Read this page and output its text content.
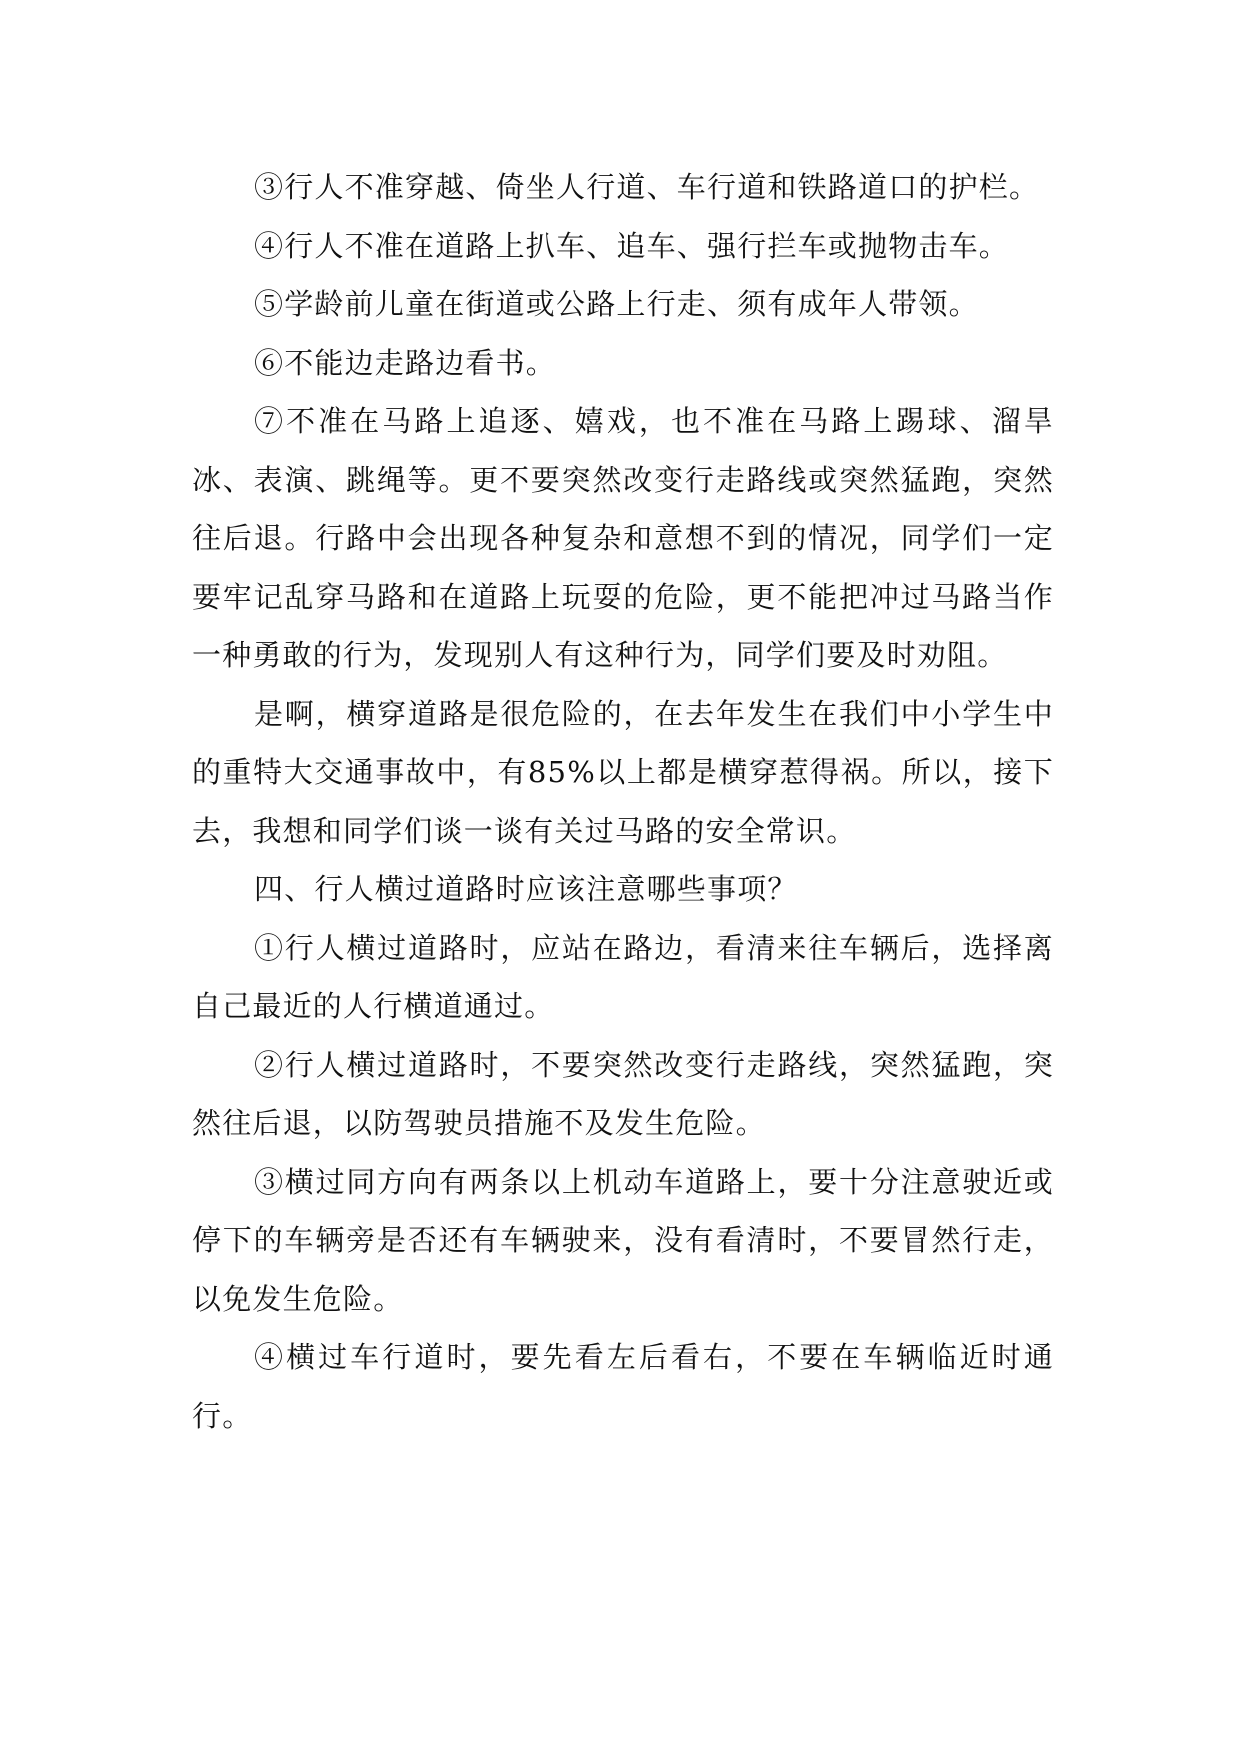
③行人不准穿越、倚坐人行道、车行道和铁路道口的护栏。

④行人不准在道路上扒车、追车、强行拦车或抛物击车。

⑤学龄前儿童在街道或公路上行走、须有成年人带领。

⑥不能边走路边看书。

⑦不准在马路上追逐、嬉戏，也不准在马路上踢球、溜旱冰、表演、跳绳等。更不要突然改变行走路线或突然猛跑，突然往后退。行路中会出现各种复杂和意想不到的情况，同学们一定要牢记乱穿马路和在道路上玩耍的危险，更不能把冲过马路当作一种勇敢的行为，发现别人有这种行为，同学们要及时劝阻。

是啊，横穿道路是很危险的，在去年发生在我们中小学生中的重特大交通事故中，有85%以上都是横穿惹得祸。所以，接下去，我想和同学们谈一谈有关过马路的安全常识。

四、行人横过道路时应该注意哪些事项？

①行人横过道路时，应站在路边，看清来往车辆后，选择离自己最近的人行横道通过。

②行人横过道路时，不要突然改变行走路线，突然猛跑，突然往后退，以防驾驶员措施不及发生危险。

③横过同方向有两条以上机动车道路上，要十分注意驶近或停下的车辆旁是否还有车辆驶来，没有看清时，不要冒然行走，以免发生危险。

④横过车行道时，要先看左后看右，不要在车辆临近时通行。
